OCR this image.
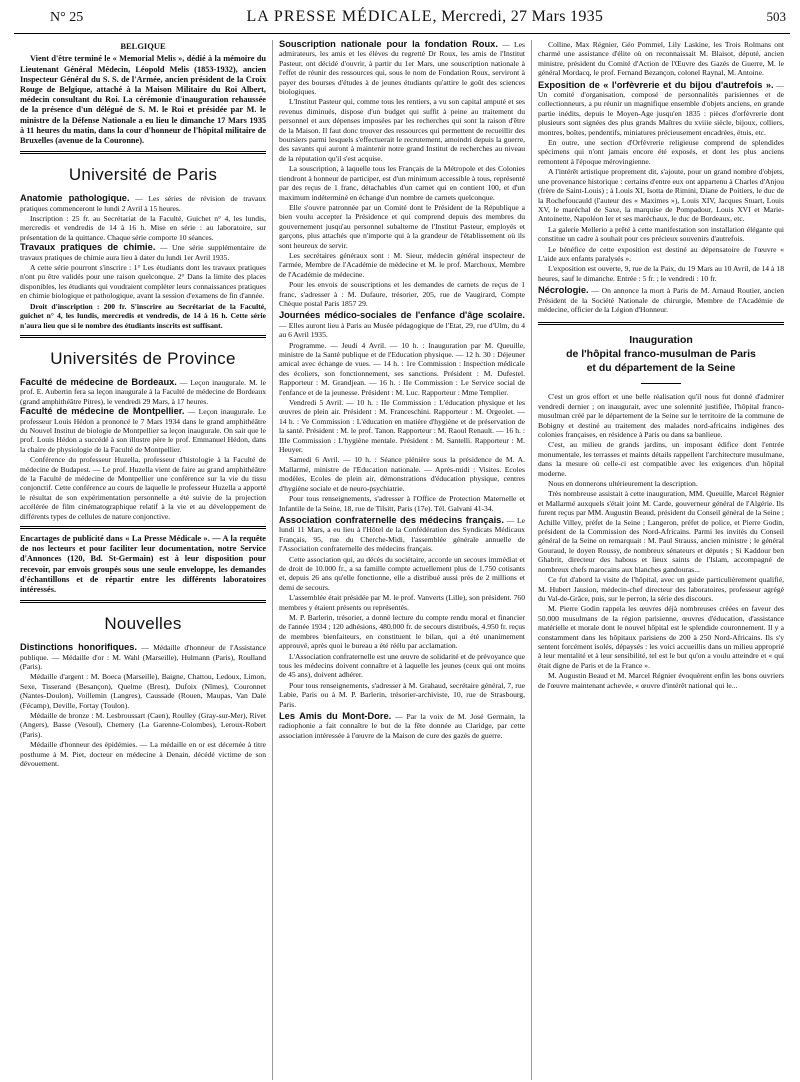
N° 25	LA PRESSE MÉDICALE, Mercredi, 27 Mars 1935	503
BELGIQUE

Vient d'être terminé le « Memorial Melis », dédié à la mémoire du Lieutenant Général Médecin, Léopold Melis (1853-1932), ancien Inspecteur Général du S. S. de l'Armée, ancien président de la Croix Rouge de Belgique, attaché à la Maison Militaire du Roi Albert, médecin consultant du Roi. La cérémonie d'inauguration rehaussée de la présence d'un délégué de S. M. le Roi et présidée par M. le ministre de la Défense Nationale a eu lieu le dimanche 17 Mars 1935 à 11 heures du matin, dans la cour d'honneur de l'hôpital militaire de Bruxelles (avenue de la Couronne).

Université de Paris

Anatomie pathologique. — Les séries de révision de travaux pratiques commenceront le lundi 2 Avril à 15 heures.

Inscription : 25 fr. au Secrétariat de la Faculté, Guichet n° 4, les lundis, mercredis et vendredis de 14 à 16 h. Mise en série : au laboratoire, sur présentation de la quittance. Chaque série comporte 10 séances.

Travaux pratiques de chimie. — Une série supplémentaire de travaux pratiques de chimie aura lieu à dater du lundi 1er Avril 1935.

A cette série pourront s'inscrire : 1° Les étudiants dont les travaux pratiques n'ont pu être validés pour une raison quelconque. 2° Dans la limite des places disponibles, les étudiants qui voudraient compléter leurs connaissances pratiques en chimie biologique et pathologique, avant la session d'examens de fin d'année.

Droit d'inscription : 200 fr. S'inscrire au Secrétariat de la Faculté, guichet n° 4, les lundis, mercredis et vendredis, de 14 à 16 h. Cette série n'aura lieu que si le nombre des étudiants inscrits est suffisant.

Universités de Province

Faculté de médecine de Bordeaux. — Leçon inaugurale. M. le prof. E. Aubertin fera sa leçon inaugurale à la Faculté de médecine de Bordeaux (grand amphithéâtre Pitres), le vendredi 29 Mars, à 17 heures.

Faculté de médecine de Montpellier. — Leçon inaugurale. Le professeur Louis Hédon a prononcé le 7 Mars 1934 dans le grand amphithéâtre du Nouvel Institut de biologie de Montpellier sa leçon inaugurale. On sait que le prof. Louis Hédon a succédé à son illustre père le prof. Emmanuel Hédon, dans la chaire de physiologie de la Faculté de Montpellier.

Conférence du professeur Huzella, professeur d'histologie à la Faculté de médecine de Budapest. — Le prof. Huzella vient de faire au grand amphithéâtre de la Faculté de médecine de Montpellier une conférence sur la vie du tissu conjonctif. Cette conférence au cours de laquelle le professeur Huzella a apporté le résultat de son expérimentation personnelle a été suivie de la projection accélérée de film cinématographique relatif à la vie et au développement de différents types de cellules de nature conjonctive.

Encartages de publicité dans « La Presse Médicale ». — A la requête de nos lecteurs et pour faciliter leur documentation, notre Service d'Annonces (120, Bd. St-Germain) est à leur disposition pour recevoir, par envois groupés sous une seule enveloppe, les demandes d'échantillons et de répartir entre les différents laboratoires intéressés.

Nouvelles

Distinctions honorifiques. — Médaille d'honneur de l'Assistance publique. — Médaille d'or : M. Wahl (Marseille), Hulmann (Paris), Roulland (Paris).

Médaille d'argent : M. Boeca (Marseille), Baigne, Chattou, Ledoux, Limon, Sexe, Tisserand (Besançon), Quelme (Brest), Dufoix (Nîmes), Couronnet (Nantes-Doulon), Voillemin (Langres), Caussade (Rouen, Maupas, Van Dale (Fécamp), Deville, Fortay (Toulon).

Médaille de bronze : M. Lesbroussart (Caen), Roulley (Gray-sur-Mer), Rivet (Angers), Basse (Vesoul), Chemery (La Garenne-Colombes), Leroux-Robert (Paris).

Médaille d'honneur des épidémies. — La médaille en or est décernée à titre posthume à M. Piet, docteur en médecine à Denain, décédé victime de son dévouement.

Souscription nationale pour la fondation Roux. — Les admirateurs, les amis et les élèves du regretté Dr Roux, les amis de l'Institut Pasteur, ont décidé d'ouvrir, à partir du 1er Mars, une souscription nationale à l'effet de réunir des ressources qui, sous le nom de Fondation Roux, serviront à payer des bourses d'études à de jeunes étudiants qu'attire le goût des sciences biologiques.

L'Institut Pasteur qui, comme tous les rentiers, a vu son capital amputé et ses revenus diminués, dispose d'un budget qui suffit à peine au traitement du personnel et aux dépenses imposées par les recherches qui sont la raison d'être de la Maison. Il faut donc trouver des ressources qui permettent de recueillir des boursiers parmi lesquels s'effectuerait le recrutement, amoindri depuis la guerre, des savants qui auront à maintenir notre grand Institut de recherches au niveau de la réputation qu'il s'est acquise.

La souscription, à laquelle tous les Français de la Métropole et des Colonies tiendront à honneur de participer, est d'un minimum accessible à tous, représenté par des reçus de 1 franc, détachables d'un carnet qui en contient 100, et d'un maximum indéterminé en échange d'un nombre de carnets quelconque.

Elle s'ouvre patronnée par un Comité dont le Président de la République a bien voulu accepter la Présidence et qui comprend depuis des membres du gouvernement jusqu'au personnel subalterne de l'Institut Pasteur, employés et garçons, plus attachés que n'importe qui à la grandeur de l'établissement où ils sont heureux de servir.

Les secrétaires généraux sont : M. Sieur, médecin général inspecteur de l'armée, Membre de l'Académie de médecine et M. le prof. Marchoux, Membre de l'Académie de médecine.

Pour les envois de souscriptions et les demandes de carnets de reçus de 1 franc, s'adresser à : M. Dufaure, trésorier, 205, rue de Vaugirard, Compte Chèque postal Paris 1857 29.

Journées médico-sociales de l'enfance d'âge scolaire. — Elles auront lieu à Paris au Musée pédagogique de l'Etat, 29, rue d'Ulm, du 4 au 6 Avril 1935.

Programme. — Jeudi 4 Avril. — 10 h. : Inauguration par M. Queuille, ministre de la Santé publique et de l'Education physique. — 12 h. 30 : Déjeuner amical avec échange de vues. — 14 h. : 1re Commission : Inspection médicale des écoliers, son fonctionnement, ses sanctions. Président : M. Dufestel. Rapporteur : M. Grandjean. — 16 h. : IIe Commission : Le Service social de l'enfance et de la jeunesse. Président : M. Luc. Rapporteur : Mme Templier.

Vendredi 5 Avril. — 10 h. : IIe Commission : L'éducation physique et les œuvres de plein air. Président : M. Franceschini. Rapporteur : M. Orgeolet. — 14 h. : Ve Commission : L'éducation en matière d'hygiène et de préservation de la santé. Président : M. le prof. Tanon. Rapporteur : M. Raoul Renault. — 16 h. : IIIe Commission : L'hygiène mentale. Président : M. Santelli. Rapporteur : M. Heuyer.

Samedi 6 Avril. — 10 h. : Séance plénière sous la présidence de M. A. Mallarmé, ministre de l'Education nationale. — Après-midi : Visites. Ecoles modèles, Ecoles de plein air, démonstrations d'éducation physique, centres d'hygiène sociale et de neuro-psychiatrie.

Pour tous renseignements, s'adresser à l'Office de Protection Maternelle et Infantile de la Seine, 18, rue de Tilsitt, Paris (17e). Tél. Galvani 41-34.

Association confraternelle des médecins français. — Le lundi 11 Mars, a eu lieu à l'Hôtel de la Confédération des Syndicats Médicaux Français, 95, rue du Cherche-Midi, l'assemblée générale annuelle de l'Association confraternelle des médecins français.

Cette association qui, au décès du sociétaire, accorde un secours immédiat et de droit de 10.000 fr., a sa famille compte actuellement plus de 1.750 cotisants et, depuis 26 ans qu'elle fonctionne, elle a distribué aussi près de 2 millions et demi de secours.

L'assemblée était présidée par M. le prof. Vanverts (Lille), son président. 760 membres y étaient présents ou représentés.

M. P. Barlerin, trésorier, a donné lecture du compte rendu moral et financier de l'année 1934 ; 120 adhésions, 480.000 fr. de secours distribués, 4.950 fr. reçus de membres bienfaiteurs, en constituent le bilan, qui a été unanimement approuvé, après quoi le bureau a été réélu par acclamation.

L'Association confraternelle est une œuvre de solidarité et de prévoyance que tous les médecins doivent connaître et à laquelle les jeunes (ceux qui ont moins de 45 ans), doivent adhérer.

Pour tous renseignements, s'adresser à M. Grahaud, secrétaire général, 7, rue Labie, Paris ou à M. P. Barlerin, trésorier-archiviste, 10, rue de Strasbourg, Paris.

Les Amis du Mont-Dore. — Par la voix de M. José Germain, la radiophonie a fait connaître le but de la fête donnée au Claridge, par cette association intéressée à l'œuvre de la Maison de cure des gazés de guerre.

Colline, Max Régnier, Géo Pommel, Lily Laskine, les Trois Rolmans ont charmé une assistance d'élite où on reconnaissait M. Blaisot, député, ancien ministre, président du Comité d'Action de l'Œuvre des Gazés de Guerre, M. le général Mordacq, le prof. Fernand Bezançon, colonel Raynal, M. Antoine.

Exposition de « l'orfèvrerie et du bijou d'autrefois ». — Un comité d'organisation, composé de personnalités parisiennes et de collectionneurs, a pu réunir un magnifique ensemble d'objets anciens, en grande partie inédits, depuis le Moyen-Age jusqu'en 1835 : pièces d'orfèvrerie dont plusieurs sont signées des plus grands Maîtres du xviiie siècle, bijoux, colliers, montres, boîtes, pendentifs, miniatures précieusement encadrées, étuis, etc.

En outre, une section d'Orfèvrerie religieuse comprend de splendides spécimens qui n'ont jamais encore été exposés, et dont les plus anciens remontent à l'époque mérovingienne.

A l'intérêt artistique proprement dit, s'ajoute, pour un grand nombre d'objets, une provenance historique : certains d'entre eux ont appartenu à Charles d'Anjou (frère de Saint-Louis) ; à Louis XI, Isotta de Rimini, Diane de Poitiers, le duc de la Rochefoucauld (l'auteur des « Maximes »), Louis XIV, Jacques Stuart, Louis XV, le maréchal de Saxe, la marquise de Pompadour, Louis XVI et Marie-Antoinette, Napoléon Ier et ses maréchaux, le duc de Bordeaux, etc.

La galerie Mellerio a prêté à cette manifestation son installation élégante qui constitue un cadre à souhait pour ces précieux souvenirs d'autrefois.

Le bénéfice de cette exposition est destiné au dépensatoire de l'œuvre « L'aide aux enfants paralysés ».

L'exposition est ouverte, 9, rue de la Paix, du 19 Mars au 10 Avril, de 14 à 18 heures, sauf le dimanche. Entrée : 5 fr. ; le vendredi : 10 fr.

Nécrologie. — On annonce la mort à Paris de M. Arnaud Routier, ancien Président de la Société Nationale de chirurgie, Membre de l'Académie de médecine, officier de la Légion d'Honneur.

Inauguration
de l'hôpital franco-musulman de Paris
et du département de la Seine

C'est un gros effort et une belle réalisation qu'il nous fut donné d'admirer vendredi dernier ; on inaugurait, avec une solennité justifiée, l'hôpital franco-musulman créé par le département de la Seine sur le territoire de la commune de Bobigny et destiné au traitement des malades nord-africains indigènes des colonies françaises, en résidence à Paris ou dans sa banlieue.

C'est, au milieu de grands jardins, un imposant édifice dont l'entrée monumentale, les terrasses et maints détails rappellent l'architecture musulmane, dans la mesure où celle-ci est compatible avec les exigences d'un hôpital moderne.

Nous en donnerons ultérieurement la description.

Très nombreuse assistait à cette inauguration, MM. Queuille, Marcel Régnier et Mallarmé auxquels s'était joint M. Carde, gouverneur général de l'Algérie. Ils furent reçus par MM. Augustin Beaud, président du Conseil général de la Seine ; Achille Villey, préfet de la Seine ; Langeron, préfet de police, et Pierre Godin, président de la Commission des Nord-Africains. Parmi les invités du Conseil général de la Seine on remarquait : M. Paul Strauss, ancien ministre ; le général Gouraud, le doyen Roussy, de nombreux sénateurs et députés ; Si Kaddour ben Ghabrit, directeur des habous et lieux saints de l'Islam, accompagné de nombreux chefs marocains aux blanches gandouras...

Ce fut d'abord la visite de l'hôpital, avec un guide particulièrement qualifié, M. Hubert Jausion, médecin-chef directeur des laboratoires, professeur agrégé du Val-de-Grâce, puis, sur le perron, la série des discours.

M. Pierre Godin rappela les œuvres déjà nombreuses créées en faveur des 50.000 musulmans de la région parisienne, œuvres d'éducation, d'assistance matérielle et morale dont le nouvel hôpital est le splendide couronnement. Il y a constamment dans les hôpitaux parisiens de 200 à 250 Nord-Africains. Ils s'y sentent forcément isolés, dépaysés : les voici accueillis dans un milieu approprié à leur mentalité et à leur sensibilité, tel est le but qu'on a voulu atteindre et « qui était digne de Paris et de la France ».

M. Augustin Beaud et M. Marcel Régnier évoquèrent enfin les bons ouvriers de l'œuvre maintenant achevée, « œuvre d'intérêt national qui le...
